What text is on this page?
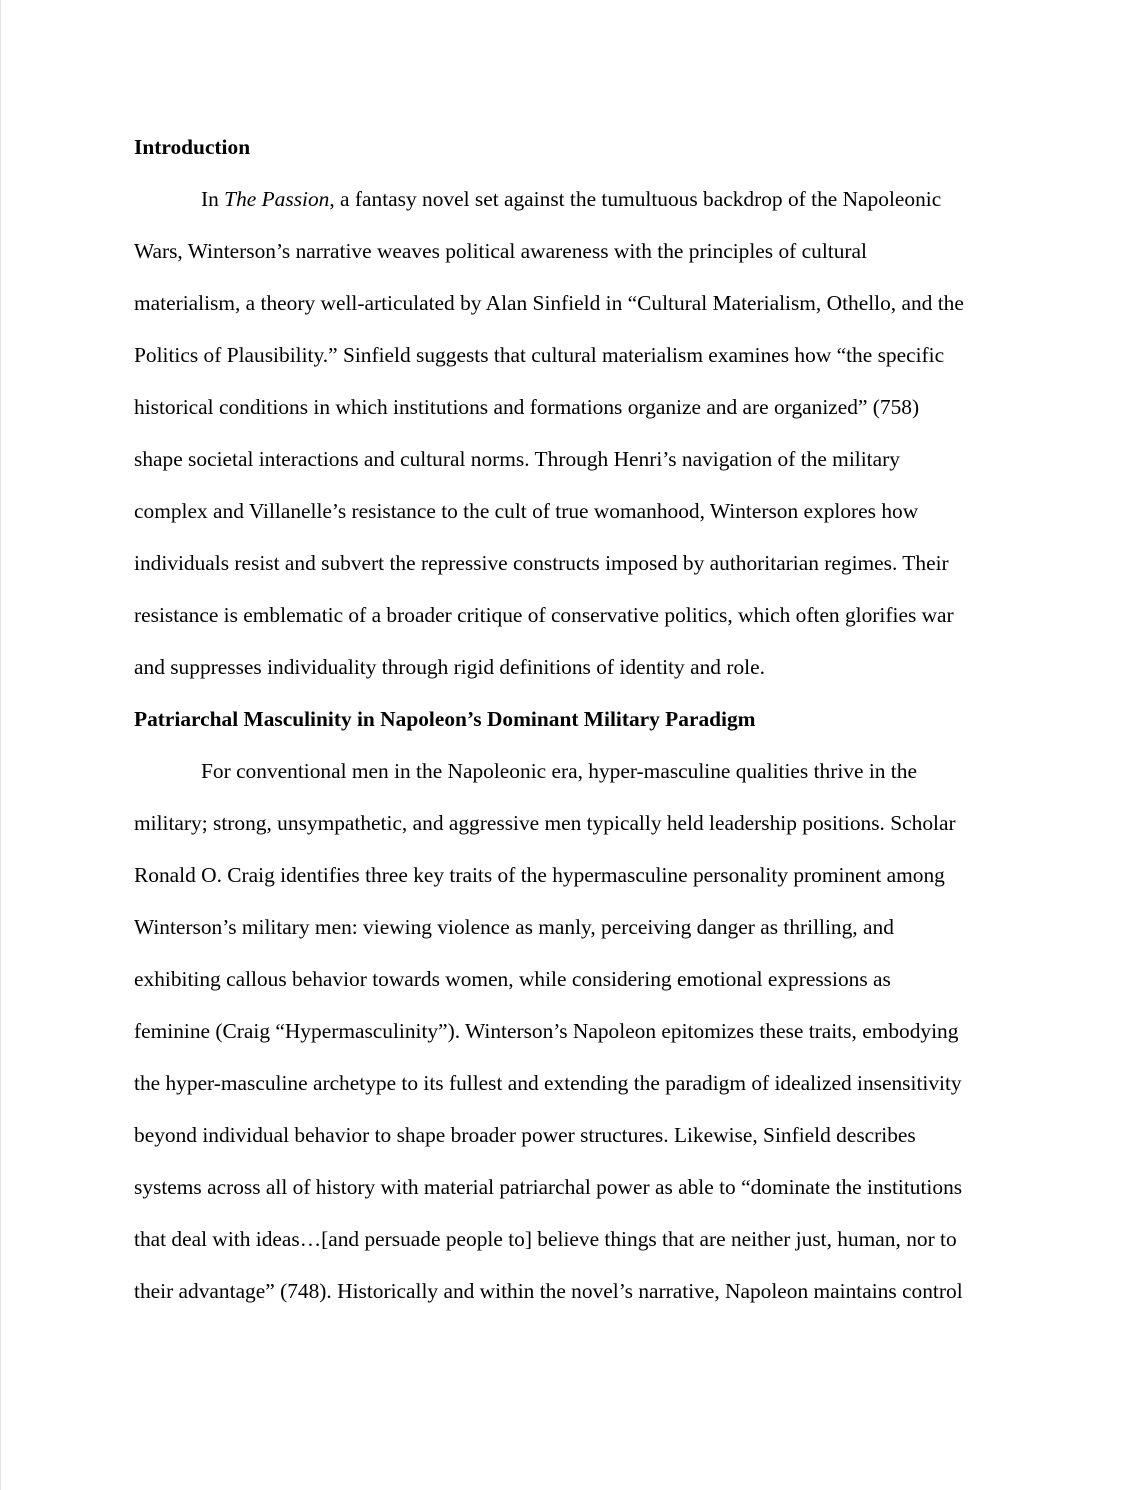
Introduction
In The Passion, a fantasy novel set against the tumultuous backdrop of the Napoleonic
Wars, Winterson’s narrative weaves political awareness with the principles of cultural
materialism, a theory well-articulated by Alan Sinfield in “Cultural Materialism, Othello, and the
Politics of Plausibility.” Sinfield suggests that cultural materialism examines how “the specific
historical conditions in which institutions and formations organize and are organized” (758)
shape societal interactions and cultural norms. Through Henri’s navigation of the military
complex and Villanelle’s resistance to the cult of true womanhood, Winterson explores how
individuals resist and subvert the repressive constructs imposed by authoritarian regimes. Their
resistance is emblematic of a broader critique of conservative politics, which often glorifies war
and suppresses individuality through rigid definitions of identity and role.
Patriarchal Masculinity in Napoleon’s Dominant Military Paradigm
For conventional men in the Napoleonic era, hyper-masculine qualities thrive in the
military; strong, unsympathetic, and aggressive men typically held leadership positions. Scholar
Ronald O. Craig identifies three key traits of the hypermasculine personality prominent among
Winterson’s military men: viewing violence as manly, perceiving danger as thrilling, and
exhibiting callous behavior towards women, while considering emotional expressions as
feminine (Craig “Hypermasculinity”). Winterson’s Napoleon epitomizes these traits, embodying
the hyper-masculine archetype to its fullest and extending the paradigm of idealized insensitivity
beyond individual behavior to shape broader power structures. Likewise, Sinfield describes
systems across all of history with material patriarchal power as able to “dominate the institutions
that deal with ideas…[and persuade people to] believe things that are neither just, human, nor to
their advantage” (748). Historically and within the novel’s narrative, Napoleon maintains control
